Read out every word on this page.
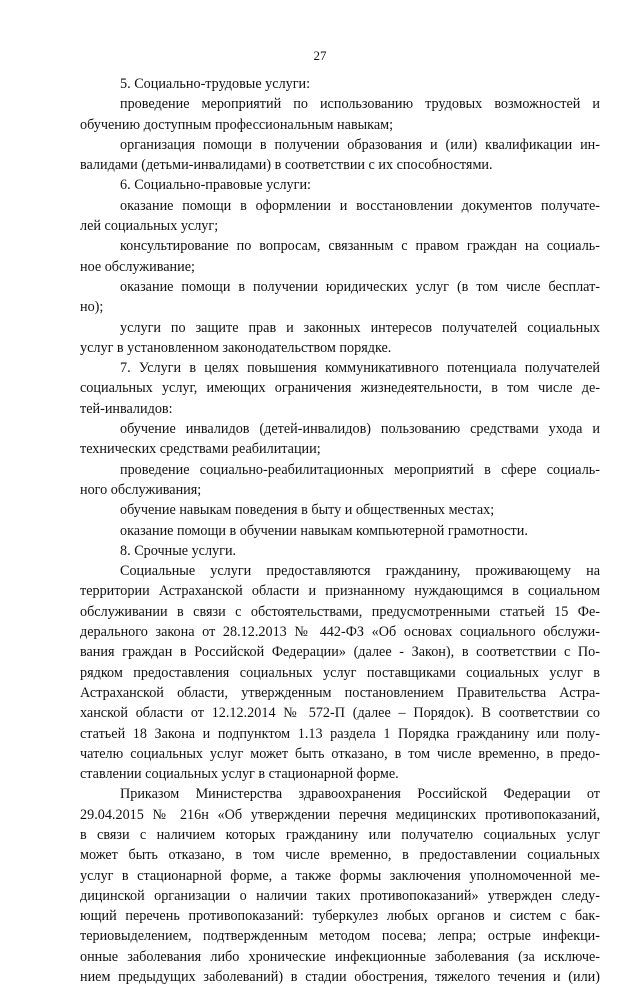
27
5. Социально-трудовые услуги:
проведение мероприятий по использованию трудовых возможностей и
обучению доступным профессиональным навыкам;
организация помощи в получении образования и (или) квалификации ин-
валидами (детьми-инвалидами) в соответствии с их способностями.
6. Социально-правовые услуги:
оказание помощи в оформлении и восстановлении документов получате-
лей социальных услуг;
консультирование по вопросам, связанным с правом граждан на социаль-
ное обслуживание;
оказание помощи в получении юридических услуг (в том числе бесплат-
но);
услуги по защите прав и законных интересов получателей социальных
услуг в установленном законодательством порядке.
7. Услуги в целях повышения коммуникативного потенциала получателей
социальных услуг, имеющих ограничения жизнедеятельности, в том числе де-
тей-инвалидов:
обучение инвалидов (детей-инвалидов) пользованию средствами ухода и
технических средствами реабилитации;
проведение социально-реабилитационных мероприятий в сфере социаль-
ного обслуживания;
обучение навыкам поведения в быту и общественных местах;
оказание помощи в обучении навыкам компьютерной грамотности.
8. Срочные услуги.
Социальные услуги предоставляются гражданину, проживающему на
территории Астраханской области и признанному нуждающимся в социальном
обслуживании в связи с обстоятельствами, предусмотренными статьей 15 Фе-
дерального закона от 28.12.2013 № 442-ФЗ «Об основах социального обслужи-
вания граждан в Российской Федерации» (далее - Закон), в соответствии с По-
рядком предоставления социальных услуг поставщиками социальных услуг в
Астраханской области, утвержденным постановлением Правительства Астра-
ханской области от 12.12.2014 № 572-П (далее – Порядок). В соответствии со
статьей 18 Закона и подпунктом 1.13 раздела 1 Порядка гражданину или полу-
чателю социальных услуг может быть отказано, в том числе временно, в предо-
ставлении социальных услуг в стационарной форме.
Приказом Министерства здравоохранения Российской Федерации от
29.04.2015 № 216н «Об утверждении перечня медицинских противопоказаний,
в связи с наличием которых гражданину или получателю социальных услуг
может быть отказано, в том числе временно, в предоставлении социальных
услуг в стационарной форме, а также формы заключения уполномоченной ме-
дицинской организации о наличии таких противопоказаний» утвержден следу-
ющий перечень противопоказаний: туберкулез любых органов и систем с бак-
териовыделением, подтвержденным методом посева; лепра; острые инфекци-
онные заболевания либо хронические инфекционные заболевания (за исключе-
нием предыдущих заболеваний) в стадии обострения, тяжелого течения и (или)
